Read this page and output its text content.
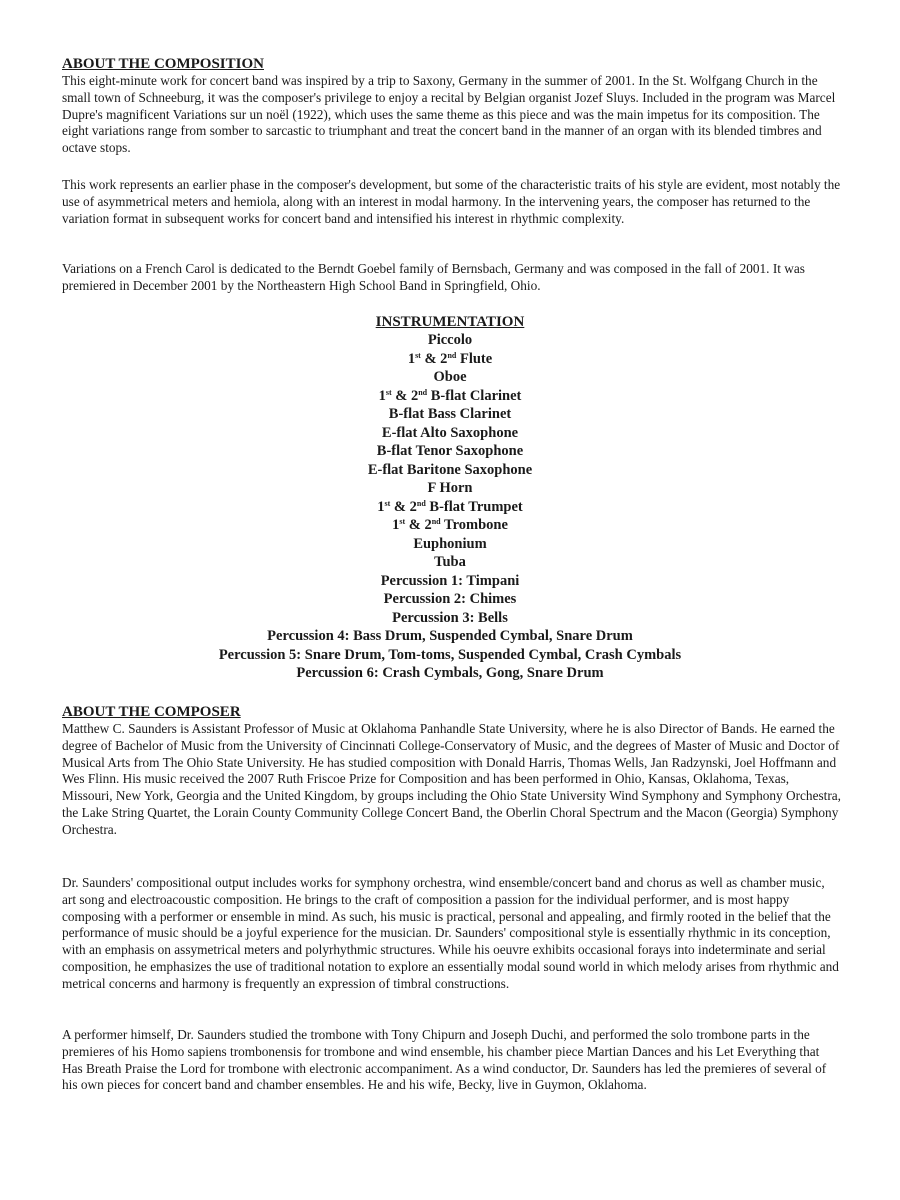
ABOUT THE COMPOSITION

This eight-minute work for concert band was inspired by a trip to Saxony, Germany in the summer of 2001. In the St. Wolfgang Church in the small town of Schneeburg, it was the composer's privilege to enjoy a recital by Belgian organist Jozef Sluys. Included in the program was Marcel Dupre's magnificent Variations sur un noël (1922), which uses the same theme as this piece and was the main impetus for its composition. The eight variations range from somber to sarcastic to triumphant and treat the concert band in the manner of an organ with its blended timbres and octave stops.

This work represents an earlier phase in the composer's development, but some of the characteristic traits of his style are evident, most notably the use of asymmetrical meters and hemiola, along with an interest in modal harmony. In the intervening years, the composer has returned to the variation format in subsequent works for concert band and intensified his interest in rhythmic complexity.

Variations on a French Carol is dedicated to the Berndt Goebel family of Bernsbach, Germany and was composed in the fall of 2001. It was premiered in December 2001 by the Northeastern High School Band in Springfield, Ohio.

INSTRUMENTATION
Piccolo
1st & 2nd Flute
Oboe
1st & 2nd B-flat Clarinet
B-flat Bass Clarinet
E-flat Alto Saxophone
B-flat Tenor Saxophone
E-flat Baritone Saxophone
F Horn
1st & 2nd B-flat Trumpet
1st & 2nd Trombone
Euphonium
Tuba
Percussion 1: Timpani
Percussion 2: Chimes
Percussion 3: Bells
Percussion 4: Bass Drum, Suspended Cymbal, Snare Drum
Percussion 5: Snare Drum, Tom-toms, Suspended Cymbal, Crash Cymbals
Percussion 6: Crash Cymbals, Gong, Snare Drum

ABOUT THE COMPOSER

Matthew C. Saunders is Assistant Professor of Music at Oklahoma Panhandle State University, where he is also Director of Bands. He earned the degree of Bachelor of Music from the University of Cincinnati College-Conservatory of Music, and the degrees of Master of Music and Doctor of Musical Arts from The Ohio State University. He has studied composition with Donald Harris, Thomas Wells, Jan Radzynski, Joel Hoffmann and Wes Flinn. His music received the 2007 Ruth Friscoe Prize for Composition and has been performed in Ohio, Kansas, Oklahoma, Texas, Missouri, New York, Georgia and the United Kingdom, by groups including the Ohio State University Wind Symphony and Symphony Orchestra, the Lake String Quartet, the Lorain County Community College Concert Band, the Oberlin Choral Spectrum and the Macon (Georgia) Symphony Orchestra.

Dr. Saunders' compositional output includes works for symphony orchestra, wind ensemble/concert band and chorus as well as chamber music, art song and electroacoustic composition. He brings to the craft of composition a passion for the individual performer, and is most happy composing with a performer or ensemble in mind. As such, his music is practical, personal and appealing, and firmly rooted in the belief that the performance of music should be a joyful experience for the musician. Dr. Saunders' compositional style is essentially rhythmic in its conception, with an emphasis on assymetrical meters and polyrhythmic structures. While his oeuvre exhibits occasional forays into indeterminate and serial composition, he emphasizes the use of traditional notation to explore an essentially modal sound world in which melody arises from rhythmic and metrical concerns and harmony is frequently an expression of timbral constructions.

A performer himself, Dr. Saunders studied the trombone with Tony Chipurn and Joseph Duchi, and performed the solo trombone parts in the premieres of his Homo sapiens trombonensis for trombone and wind ensemble, his chamber piece Martian Dances and his Let Everything that Has Breath Praise the Lord for trombone with electronic accompaniment. As a wind conductor, Dr. Saunders has led the premieres of several of his own pieces for concert band and chamber ensembles. He and his wife, Becky, live in Guymon, Oklahoma.
